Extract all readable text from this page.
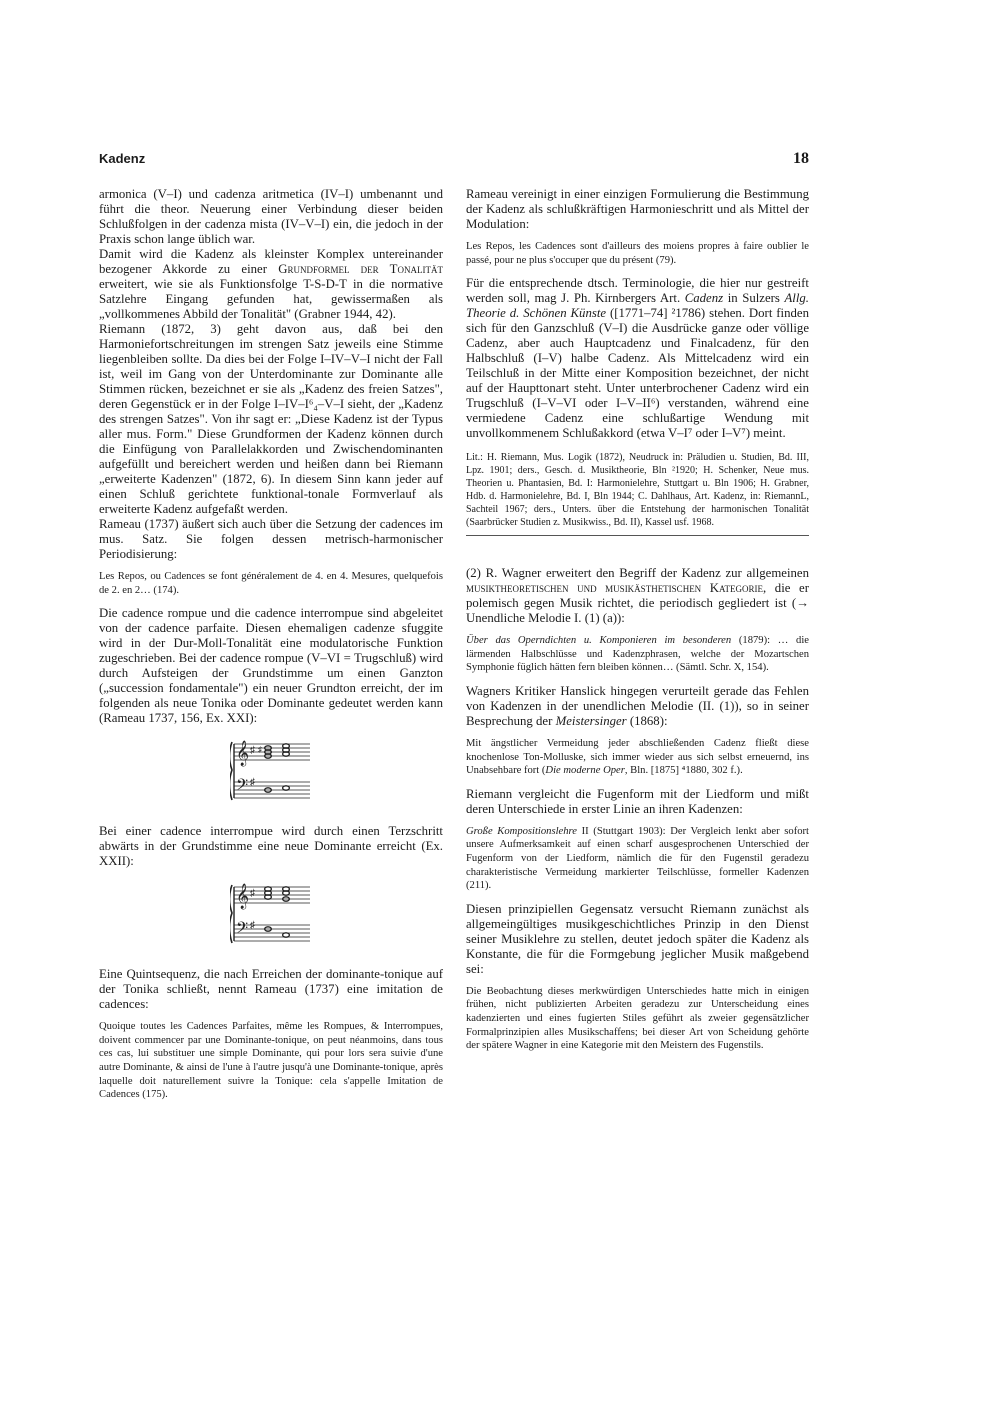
Kadenz	18

armonica (V–I) und cadenza aritmetica (IV–I) umbenannt und führt die theor. Neuerung einer Verbindung dieser beiden Schlußfolgen in der cadenza mista (IV–V–I) ein, die jedoch in der Praxis schon lange üblich war.

Damit wird die Kadenz als kleinster Komplex untereinander bezogener Akkorde zu einer Grundformel der Tonalität erweitert, wie sie als Funktionsfolge T-S-D-T in die normative Satzlehre Eingang gefunden hat, gewissermaßen als „vollkommenes Abbild der Tonalität" (Grabner 1944, 42).

Riemann (1872, 3) geht davon aus, daß bei den Harmoniefortschreitungen im strengen Satz jeweils eine Stimme liegenbleiben sollte. Da dies bei der Folge I–IV–V–I nicht der Fall ist, weil im Gang von der Unterdominante zur Dominante alle Stimmen rücken, bezeichnet er sie als „Kadenz des freien Satzes", deren Gegenstück er in der Folge I–IV–I⁶₄–V–I sieht, der „Kadenz des strengen Satzes". Von ihr sagt er: „Diese Kadenz ist der Typus aller mus. Form." Diese Grundformen der Kadenz können durch die Einfügung von Parallelakkorden und Zwischendominanten aufgefüllt und bereichert werden und heißen dann bei Riemann „erweiterte Kadenzen" (1872, 6). In diesem Sinn kann jeder auf einen Schluß gerichtete funktional-tonale Formverlauf als erweiterte Kadenz aufgefaßt werden.

Rameau (1737) äußert sich auch über die Setzung der cadences im mus. Satz. Sie folgen dessen metrisch-harmonischer Periodisierung:

Les Repos, ou Cadences se font généralement de 4. en 4. Mesures, quelquefois de 2. en 2… (174).

Die cadence rompue und die cadence interrompue sind abgeleitet von der cadence parfaite. Diesen ehemaligen cadenze sfuggite wird in der Dur-Moll-Tonalität eine modulatorische Funktion zugeschrieben. Bei der cadence rompue (V–VI = Trugschluß) wird durch Aufsteigen der Grundstimme um einen Ganzton („succession fondamentale") ein neuer Grundton erreicht, der im folgenden als neue Tonika oder Dominante gedeutet werden kann (Rameau 1737, 156, Ex. XXI):

𝄞
𝄢
♯
♯
♯

Bei einer cadence interrompue wird durch einen Terzschritt abwärts in der Grundstimme eine neue Dominante erreicht (Ex. XXII):

𝄞
𝄢
♯
♯

Eine Quintsequenz, die nach Erreichen der dominante-tonique auf der Tonika schließt, nennt Rameau (1737) eine imitation de cadences:

Quoique toutes les Cadences Parfaites, même les Rompues, & Interrompues, doivent commencer par une Dominante-tonique, on peut néanmoins, dans tous ces cas, lui substituer une simple Dominante, qui pour lors sera suivie d'une autre Dominante, & ainsi de l'une à l'autre jusqu'à une Dominante-tonique, après laquelle doit naturellement suivre la Tonique: cela s'appelle Imitation de Cadences (175).

Rameau vereinigt in einer einzigen Formulierung die Bestimmung der Kadenz als schlußkräftigen Harmonieschritt und als Mittel der Modulation:

Les Repos, les Cadences sont d'ailleurs des moiens propres à faire oublier le passé, pour ne plus s'occuper que du présent (79).

Für die entsprechende dtsch. Terminologie, die hier nur gestreift werden soll, mag J. Ph. Kirnbergers Art. Cadenz in Sulzers Allg. Theorie d. Schönen Künste ([1771–74] ²1786) stehen. Dort finden sich für den Ganzschluß (V–I) die Ausdrücke ganze oder völlige Cadenz, aber auch Hauptcadenz und Finalcadenz, für den Halbschluß (I–V) halbe Cadenz. Als Mittelcadenz wird ein Teilschluß in der Mitte einer Komposition bezeichnet, der nicht auf der Haupttonart steht. Unter unterbrochener Cadenz wird ein Trugschluß (I–V–VI oder I–V–II⁶) verstanden, während eine vermiedene Cadenz eine schlußartige Wendung mit unvollkommenem Schlußakkord (etwa V–I⁷ oder I–V⁷) meint.

Lit.: H. Riemann, Mus. Logik (1872), Neudruck in: Präludien u. Studien, Bd. III, Lpz. 1901; ders., Gesch. d. Musiktheorie, Bln ²1920; H. Schenker, Neue mus. Theorien u. Phantasien, Bd. I: Harmonielehre, Stuttgart u. Bln 1906; H. Grabner, Hdb. d. Harmonielehre, Bd. I, Bln 1944; C. Dahlhaus, Art. Kadenz, in: RiemannL, Sachteil 1967; ders., Unters. über die Entstehung der harmonischen Tonalität (Saarbrücker Studien z. Musikwiss., Bd. II), Kassel usf. 1968.

(2) R. Wagner erweitert den Begriff der Kadenz zur allgemeinen musiktheoretischen und musikästhetischen Kategorie, die er polemisch gegen Musik richtet, die periodisch gegliedert ist (→ Unendliche Melodie I. (1) (a)):

Über das Operndichten u. Komponieren im besonderen (1879): … die lärmenden Halbschlüsse und Kadenzphrasen, welche der Mozartschen Symphonie füglich hätten fern bleiben können… (Sämtl. Schr. X, 154).

Wagners Kritiker Hanslick hingegen verurteilt gerade das Fehlen von Kadenzen in der unendlichen Melodie (II. (1)), so in seiner Besprechung der Meistersinger (1868):

Mit ängstlicher Vermeidung jeder abschließenden Cadenz fließt diese knochenlose Ton-Molluske, sich immer wieder aus sich selbst erneuernd, ins Unabsehbare fort (Die moderne Oper, Bln. [1875] ⁴1880, 302 f.).

Riemann vergleicht die Fugenform mit der Liedform und mißt deren Unterschiede in erster Linie an ihren Kadenzen:

Große Kompositionslehre II (Stuttgart 1903): Der Vergleich lenkt aber sofort unsere Aufmerksamkeit auf einen scharf ausgesprochenen Unterschied der Fugenform von der Liedform, nämlich die für den Fugenstil geradezu charakteristische Vermeidung markierter Teilschlüsse, formeller Kadenzen (211).

Diesen prinzipiellen Gegensatz versucht Riemann zunächst als allgemeingültiges musikgeschichtliches Prinzip in den Dienst seiner Musiklehre zu stellen, deutet jedoch später die Kadenz als Konstante, die für die Formgebung jeglicher Musik maßgebend sei:

Die Beobachtung dieses merkwürdigen Unterschiedes hatte mich in einigen frühen, nicht publizierten Arbeiten geradezu zur Unterscheidung eines kadenzierten und eines fugierten Stiles geführt als zweier gegensätzlicher Formalprinzipien alles Musikschaffens; bei dieser Art von Scheidung gehörte der spätere Wagner in eine Kategorie mit den Meistern des Fugenstils.
